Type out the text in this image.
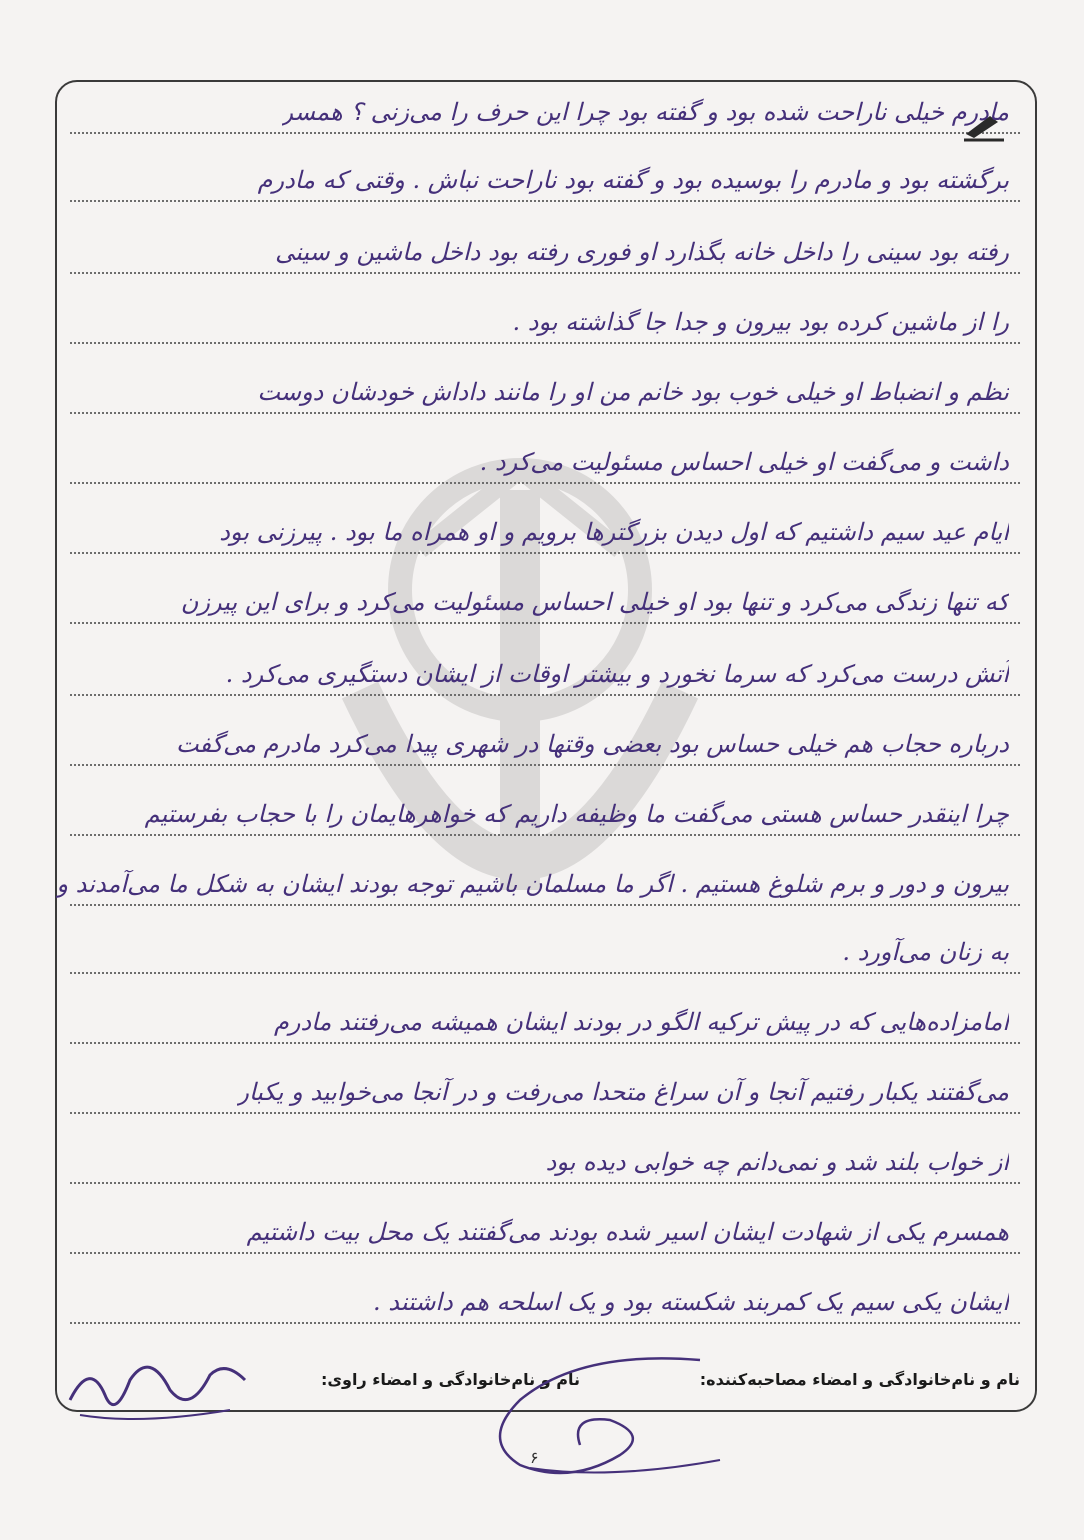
مادرم خیلی ناراحت شده بود و گفته بود چرا این حرف را می‌زنی ؟ همسر
برگشته بود و مادرم را بوسیده بود و گفته بود ناراحت نباش . وقتی که مادرم
رفته بود سینی را داخل خانه بگذارد او فوری رفته بود داخل ماشین و سینی
را از ماشین کرده بود بیرون و جدا جا گذاشته بود .
نظم و انضباط او خیلی خوب بود خانم من او را مانند داداش خودشان دوست
داشت و می‌گفت او خیلی احساس مسئولیت می‌کرد .
ایام عید سیم داشتیم که اول دیدن بزرگترها برویم و او همراه ما بود . پیرزنی بود
که تنها زندگی می‌کرد و تنها بود او خیلی احساس مسئولیت می‌کرد و برای این پیرزن
آتش درست می‌کرد که سرما نخورد و بیشتر اوقات از ایشان دستگیری می‌کرد .
درباره حجاب هم خیلی حساس بود بعضی وقتها در شهری پیدا می‌کرد مادرم می‌گفت
چرا اینقدر حساس هستی می‌گفت ما وظیفه داریم که خواهرهایمان را با حجاب بفرستیم
بیرون و دور و برم شلوغ هستیم . اگر ما مسلمان باشیم توجه بودند ایشان به شکل ما می‌آمدند و
به زنان می‌آورد .
امامزاده‌هایی که در پیش ترکیه الگو در بودند ایشان همیشه می‌رفتند مادرم
می‌گفتند یکبار رفتیم آنجا و آن سراغ متحدا می‌رفت و در آنجا می‌خوابید و یکبار
از خواب بلند شد و نمی‌دانم چه خوابی دیده بود
همسرم یکی از شهادت ایشان اسیر شده بودند می‌گفتند یک محل بیت داشتیم
ایشان یکی سیم یک کمربند شکسته بود و یک اسلحه هم داشتند .
نام و نام‌خانوادگی و امضاء مصاحبه‌کننده:
نام و نام‌خانوادگی و امضاء راوی:
۶
